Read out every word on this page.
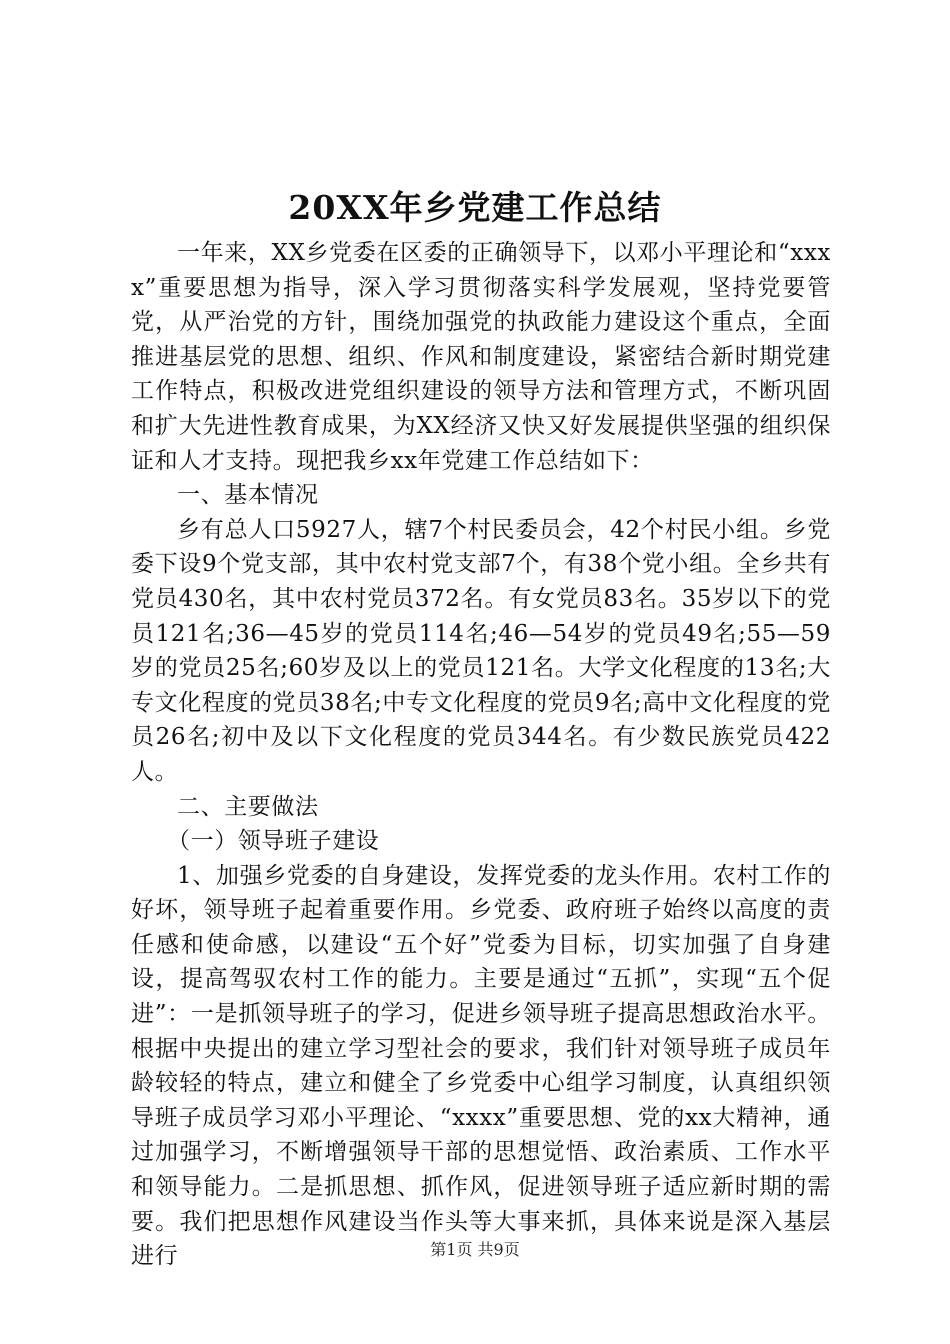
20XX年乡党建工作总结

一年来，XX乡党委在区委的正确领导下，以邓小平理论和“xxxx”重要思想为指导，深入学习贯彻落实科学发展观，坚持党要管党，从严治党的方针，围绕加强党的执政能力建设这个重点，全面推进基层党的思想、组织、作风和制度建设，紧密结合新时期党建工作特点，积极改进党组织建设的领导方法和管理方式，不断巩固和扩大先进性教育成果，为XX经济又快又好发展提供坚强的组织保证和人才支持。现把我乡xx年党建工作总结如下：

一、基本情况

乡有总人口5927人，辖7个村民委员会，42个村民小组。乡党委下设9个党支部，其中农村党支部7个，有38个党小组。全乡共有党员430名，其中农村党员372名。有女党员83名。35岁以下的党员121名;36—45岁的党员114名;46—54岁的党员49名;55—59岁的党员25名;60岁及以上的党员121名。大学文化程度的13名;大专文化程度的党员38名;中专文化程度的党员9名;高中文化程度的党员26名;初中及以下文化程度的党员344名。有少数民族党员422人。

二、主要做法

（一）领导班子建设

1、加强乡党委的自身建设，发挥党委的龙头作用。农村工作的好坏，领导班子起着重要作用。乡党委、政府班子始终以高度的责任感和使命感，以建设“五个好”党委为目标，切实加强了自身建设，提高驾驭农村工作的能力。主要是通过“五抓”，实现“五个促进”：一是抓领导班子的学习，促进乡领导班子提高思想政治水平。根据中央提出的建立学习型社会的要求，我们针对领导班子成员年龄较轻的特点，建立和健全了乡党委中心组学习制度，认真组织领导班子成员学习邓小平理论、“xxxx”重要思想、党的xx大精神，通过加强学习，不断增强领导干部的思想觉悟、政治素质、工作水平和领导能力。二是抓思想、抓作风，促进领导班子适应新时期的需要。我们把思想作风建设当作头等大事来抓，具体来说是深入基层进行	第1页 共9页
